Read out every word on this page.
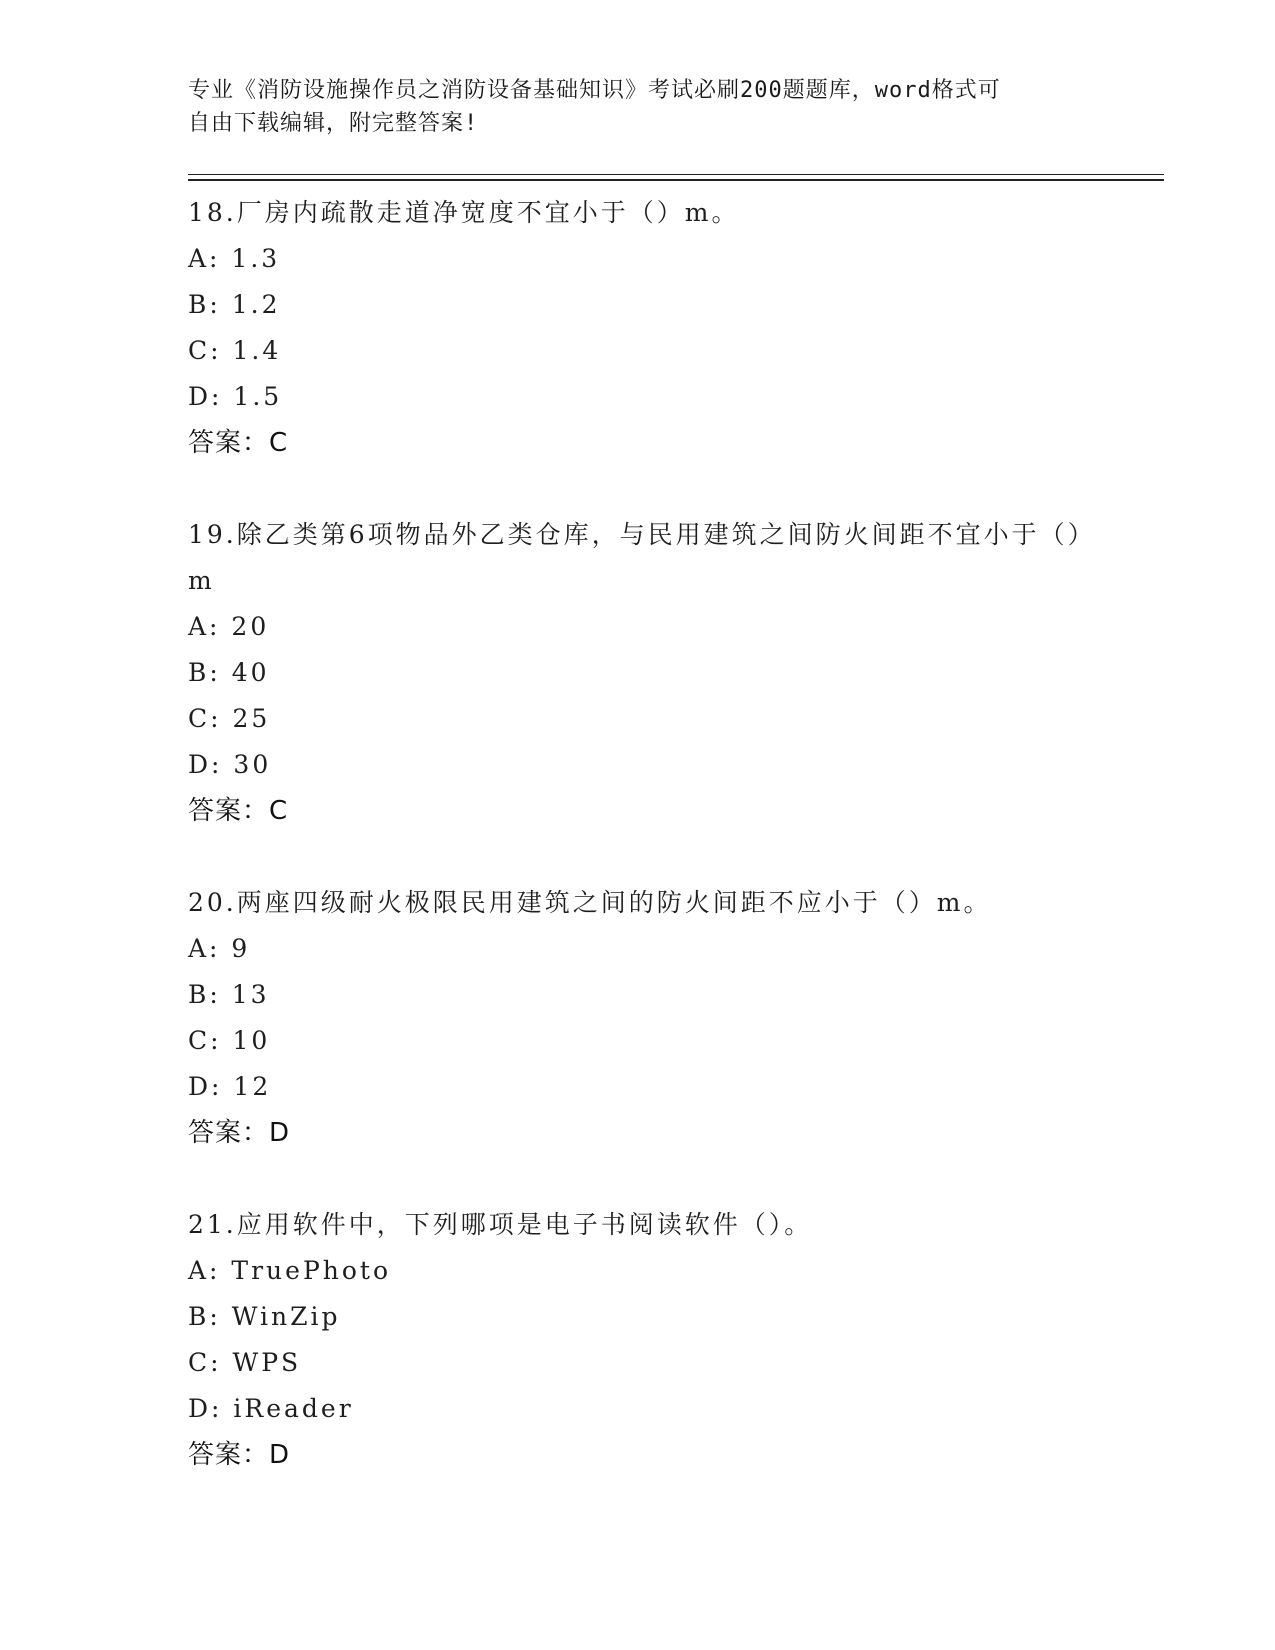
专业《消防设施操作员之消防设备基础知识》考试必刷200题题库，word格式可
自由下载编辑，附完整答案!
18.厂房内疏散走道净宽度不宜小于（）m。
A: 1.3
B: 1.2
C: 1.4
D: 1.5
答案：C
19.除乙类第6项物品外乙类仓库，与民用建筑之间防火间距不宜小于（）m
A: 20
B: 40
C: 25
D: 30
答案：C
20.两座四级耐火极限民用建筑之间的防火间距不应小于（）m。
A: 9
B: 13
C: 10
D: 12
答案：D
21.应用软件中，下列哪项是电子书阅读软件（）。
A: TruePhoto
B: WinZip
C: WPS
D: iReader
答案：D
